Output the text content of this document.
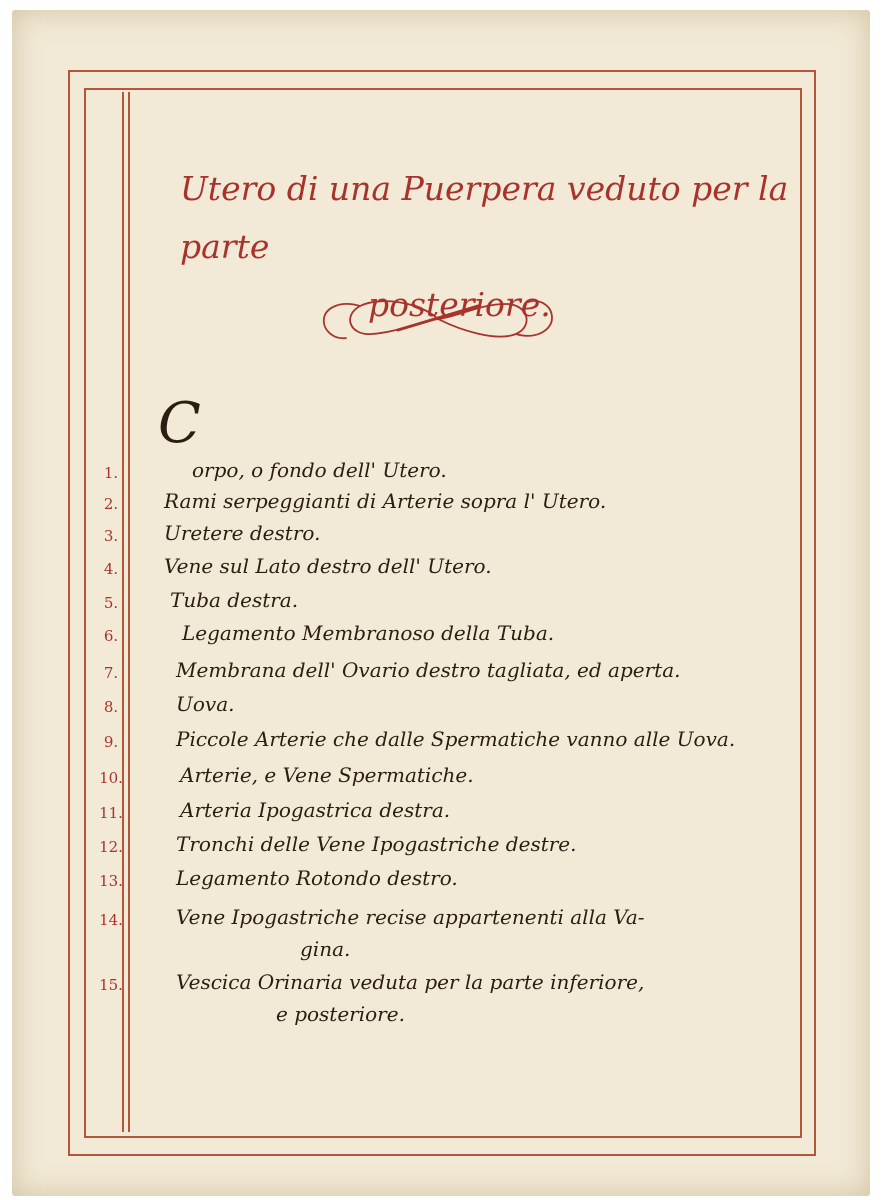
Utero di una Puerpera veduto per la parte
posteriore.
C
1.	orpo, o fondo dell' Utero.
2.	Rami serpeggianti di Arterie sopra l' Utero.
3.	Uretere destro.
4.	Vene sul Lato destro dell' Utero.
5.	Tuba destra.
6.	Legamento Membranoso della Tuba.
7.	Membrana dell' Ovario destro tagliata, ed aperta.
8.	Uova.
9.	Piccole Arterie che dalle Spermatiche vanno alle Uova.
10.	Arterie, e Vene Spermatiche.
11.	Arteria Ipogastrica destra.
12.	Tronchi delle Vene Ipogastriche destre.
13.	Legamento Rotondo destro.
14.	Vene Ipogastriche recise appartenenti alla Va-
gina.
15.	Vescica Orinaria veduta per la parte inferiore,
e posteriore.
